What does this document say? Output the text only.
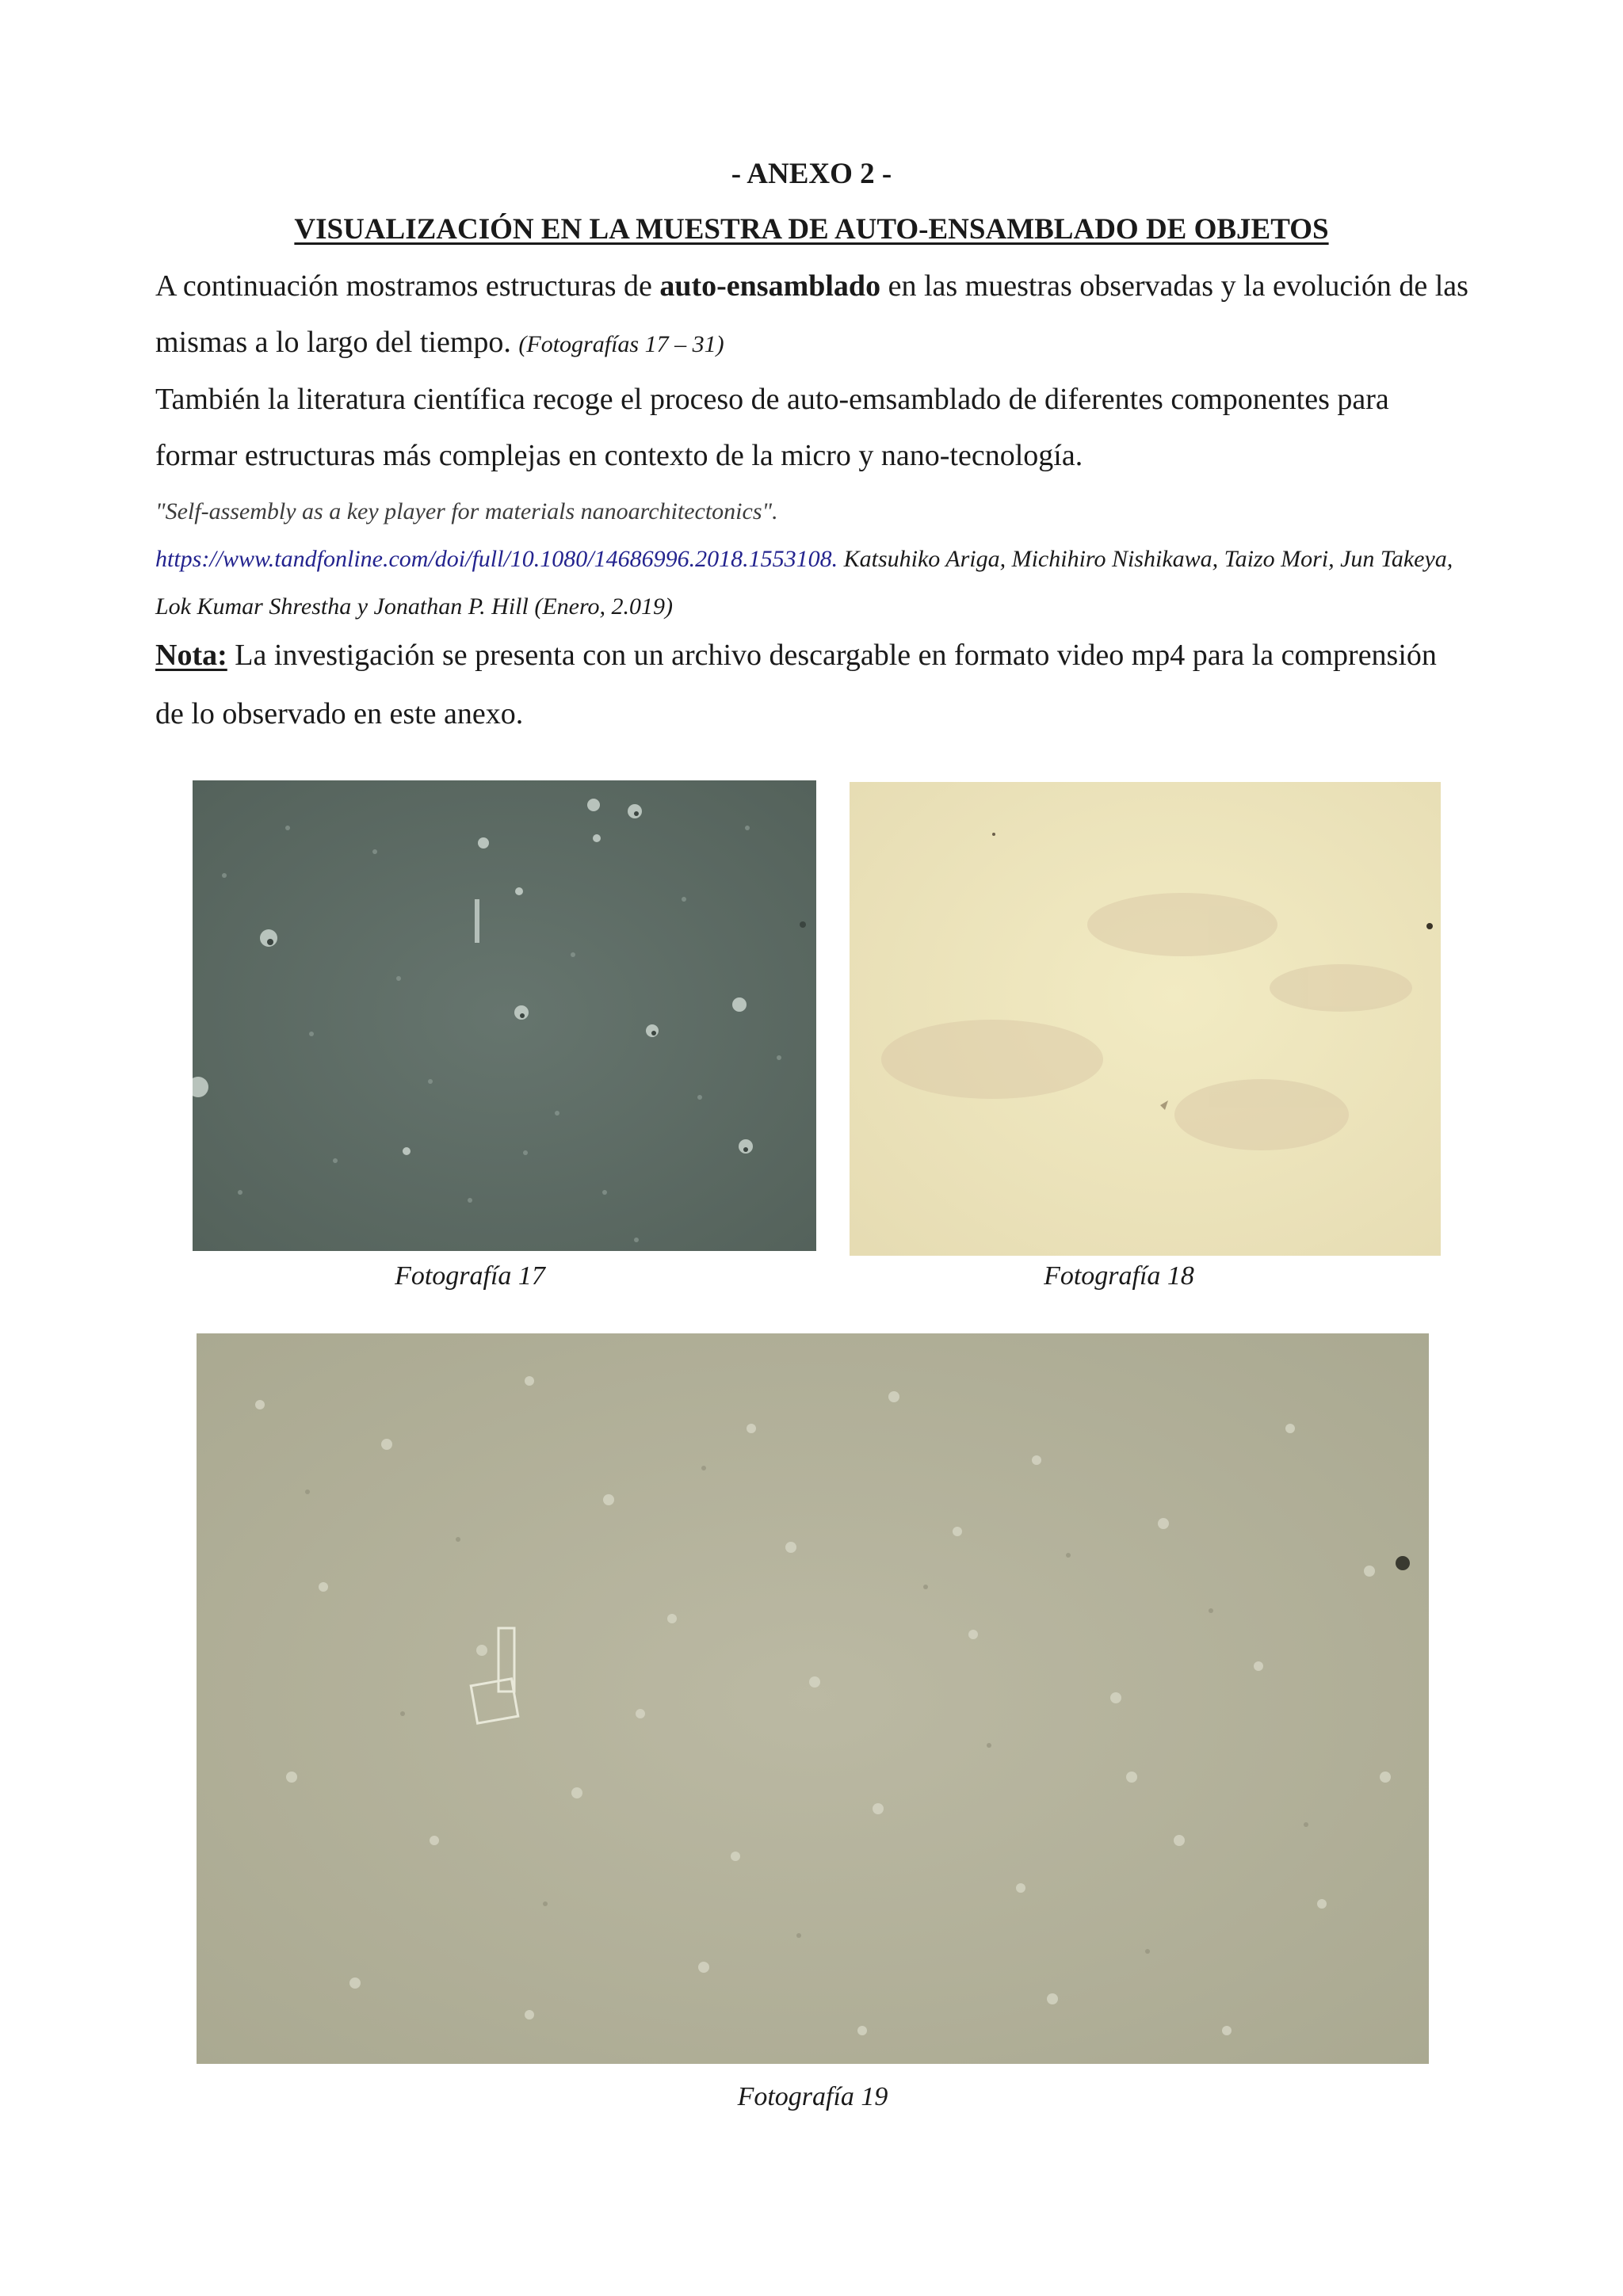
- ANEXO 2 -
VISUALIZACIÓN EN LA MUESTRA DE AUTO-ENSAMBLADO DE OBJETOS
A continuación mostramos estructuras de auto-ensamblado en las muestras observadas y la evolución de las mismas a lo largo del tiempo. (Fotografías 17 – 31)
También la literatura científica recoge el proceso de auto-emsamblado de diferentes componentes para formar estructuras más complejas en contexto de la micro y nano-tecnología.
"Self-assembly as a key player for materials nanoarchitectonics".
https://www.tandfonline.com/doi/full/10.1080/14686996.2018.1553108. Katsuhiko Ariga, Michihiro Nishikawa, Taizo Mori, Jun Takeya, Lok Kumar Shrestha y Jonathan P. Hill (Enero, 2.019)
Nota: La investigación se presenta con un archivo descargable en formato video mp4 para la comprensión de lo observado en este anexo.
Fotografía 17	Fotografía 18
Fotografía 19
